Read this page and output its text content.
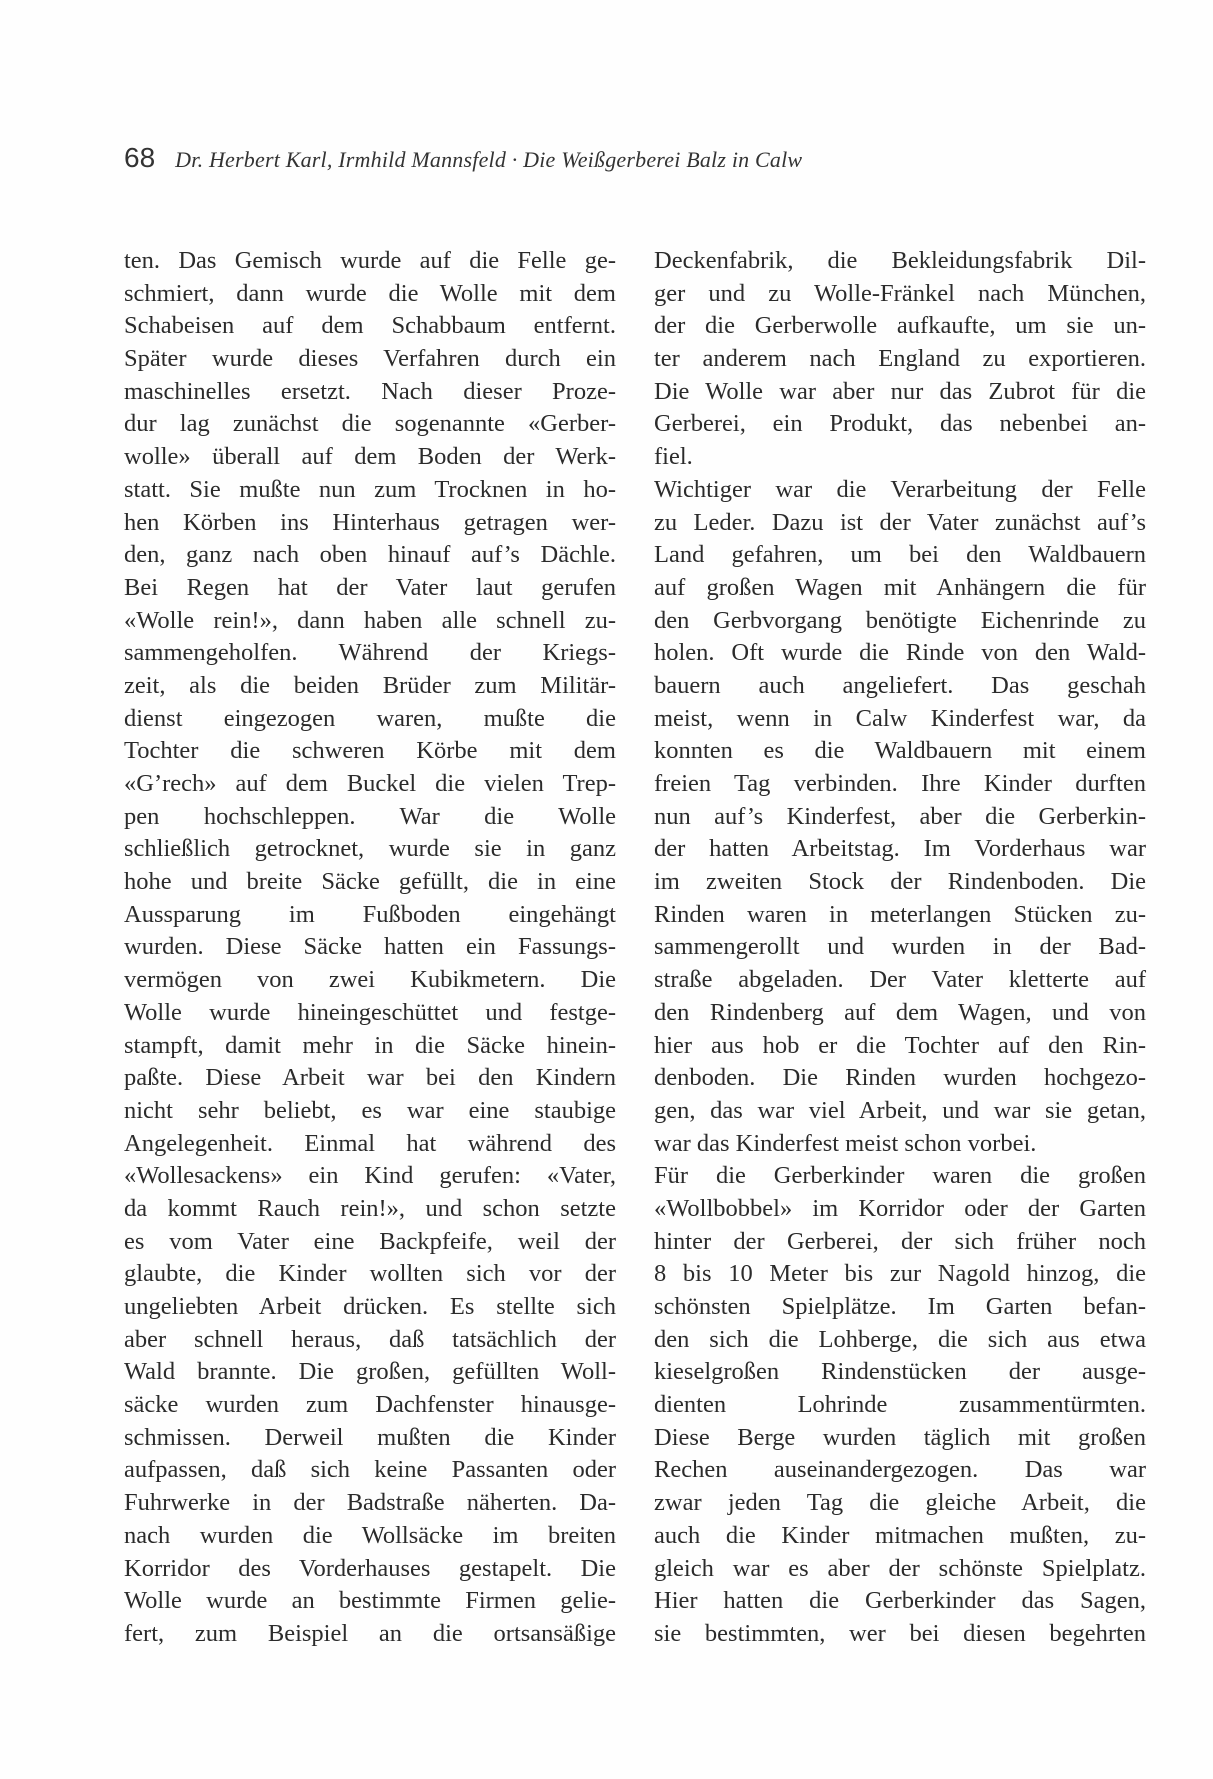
68 Dr. Herbert Karl, Irmhild Mannsfeld · Die Weißgerberei Balz in Calw
ten. Das Gemisch wurde auf die Felle ge-
schmiert, dann wurde die Wolle mit dem
Schabeisen auf dem Schabbaum entfernt.
Später wurde dieses Verfahren durch ein
maschinelles ersetzt. Nach dieser Proze-
dur lag zunächst die sogenannte «Gerber-
wolle» überall auf dem Boden der Werk-
statt. Sie mußte nun zum Trocknen in ho-
hen Körben ins Hinterhaus getragen wer-
den, ganz nach oben hinauf auf’s Dächle.
Bei Regen hat der Vater laut gerufen
«Wolle rein!», dann haben alle schnell zu-
sammengeholfen. Während der Kriegs-
zeit, als die beiden Brüder zum Militär-
dienst eingezogen waren, mußte die
Tochter die schweren Körbe mit dem
«G’rech» auf dem Buckel die vielen Trep-
pen hochschleppen. War die Wolle
schließlich getrocknet, wurde sie in ganz
hohe und breite Säcke gefüllt, die in eine
Aussparung im Fußboden eingehängt
wurden. Diese Säcke hatten ein Fassungs-
vermögen von zwei Kubikmetern. Die
Wolle wurde hineingeschüttet und festge-
stampft, damit mehr in die Säcke hinein-
paßte. Diese Arbeit war bei den Kindern
nicht sehr beliebt, es war eine staubige
Angelegenheit. Einmal hat während des
«Wollesackens» ein Kind gerufen: «Vater,
da kommt Rauch rein!», und schon setzte
es vom Vater eine Backpfeife, weil der
glaubte, die Kinder wollten sich vor der
ungeliebten Arbeit drücken. Es stellte sich
aber schnell heraus, daß tatsächlich der
Wald brannte. Die großen, gefüllten Woll-
säcke wurden zum Dachfenster hinausge-
schmissen. Derweil mußten die Kinder
aufpassen, daß sich keine Passanten oder
Fuhrwerke in der Badstraße näherten. Da-
nach wurden die Wollsäcke im breiten
Korridor des Vorderhauses gestapelt. Die
Wolle wurde an bestimmte Firmen gelie-
fert, zum Beispiel an die ortsansäßige
Deckenfabrik, die Bekleidungsfabrik Dil-
ger und zu Wolle-Fränkel nach München,
der die Gerberwolle aufkaufte, um sie un-
ter anderem nach England zu exportieren.
Die Wolle war aber nur das Zubrot für die
Gerberei, ein Produkt, das nebenbei an-
fiel.
Wichtiger war die Verarbeitung der Felle
zu Leder. Dazu ist der Vater zunächst auf’s
Land gefahren, um bei den Waldbauern
auf großen Wagen mit Anhängern die für
den Gerbvorgang benötigte Eichenrinde zu
holen. Oft wurde die Rinde von den Wald-
bauern auch angeliefert. Das geschah
meist, wenn in Calw Kinderfest war, da
konnten es die Waldbauern mit einem
freien Tag verbinden. Ihre Kinder durften
nun auf’s Kinderfest, aber die Gerberkin-
der hatten Arbeitstag. Im Vorderhaus war
im zweiten Stock der Rindenboden. Die
Rinden waren in meterlangen Stücken zu-
sammengerollt und wurden in der Bad-
straße abgeladen. Der Vater kletterte auf
den Rindenberg auf dem Wagen, und von
hier aus hob er die Tochter auf den Rin-
denboden. Die Rinden wurden hochgezo-
gen, das war viel Arbeit, und war sie getan,
war das Kinderfest meist schon vorbei.
Für die Gerberkinder waren die großen
«Wollbobbel» im Korridor oder der Garten
hinter der Gerberei, der sich früher noch
8 bis 10 Meter bis zur Nagold hinzog, die
schönsten Spielplätze. Im Garten befan-
den sich die Lohberge, die sich aus etwa
kieselgroßen Rindenstücken der ausge-
dienten Lohrinde zusammentürmten.
Diese Berge wurden täglich mit großen
Rechen auseinandergezogen. Das war
zwar jeden Tag die gleiche Arbeit, die
auch die Kinder mitmachen mußten, zu-
gleich war es aber der schönste Spielplatz.
Hier hatten die Gerberkinder das Sagen,
sie bestimmten, wer bei diesen begehrten
